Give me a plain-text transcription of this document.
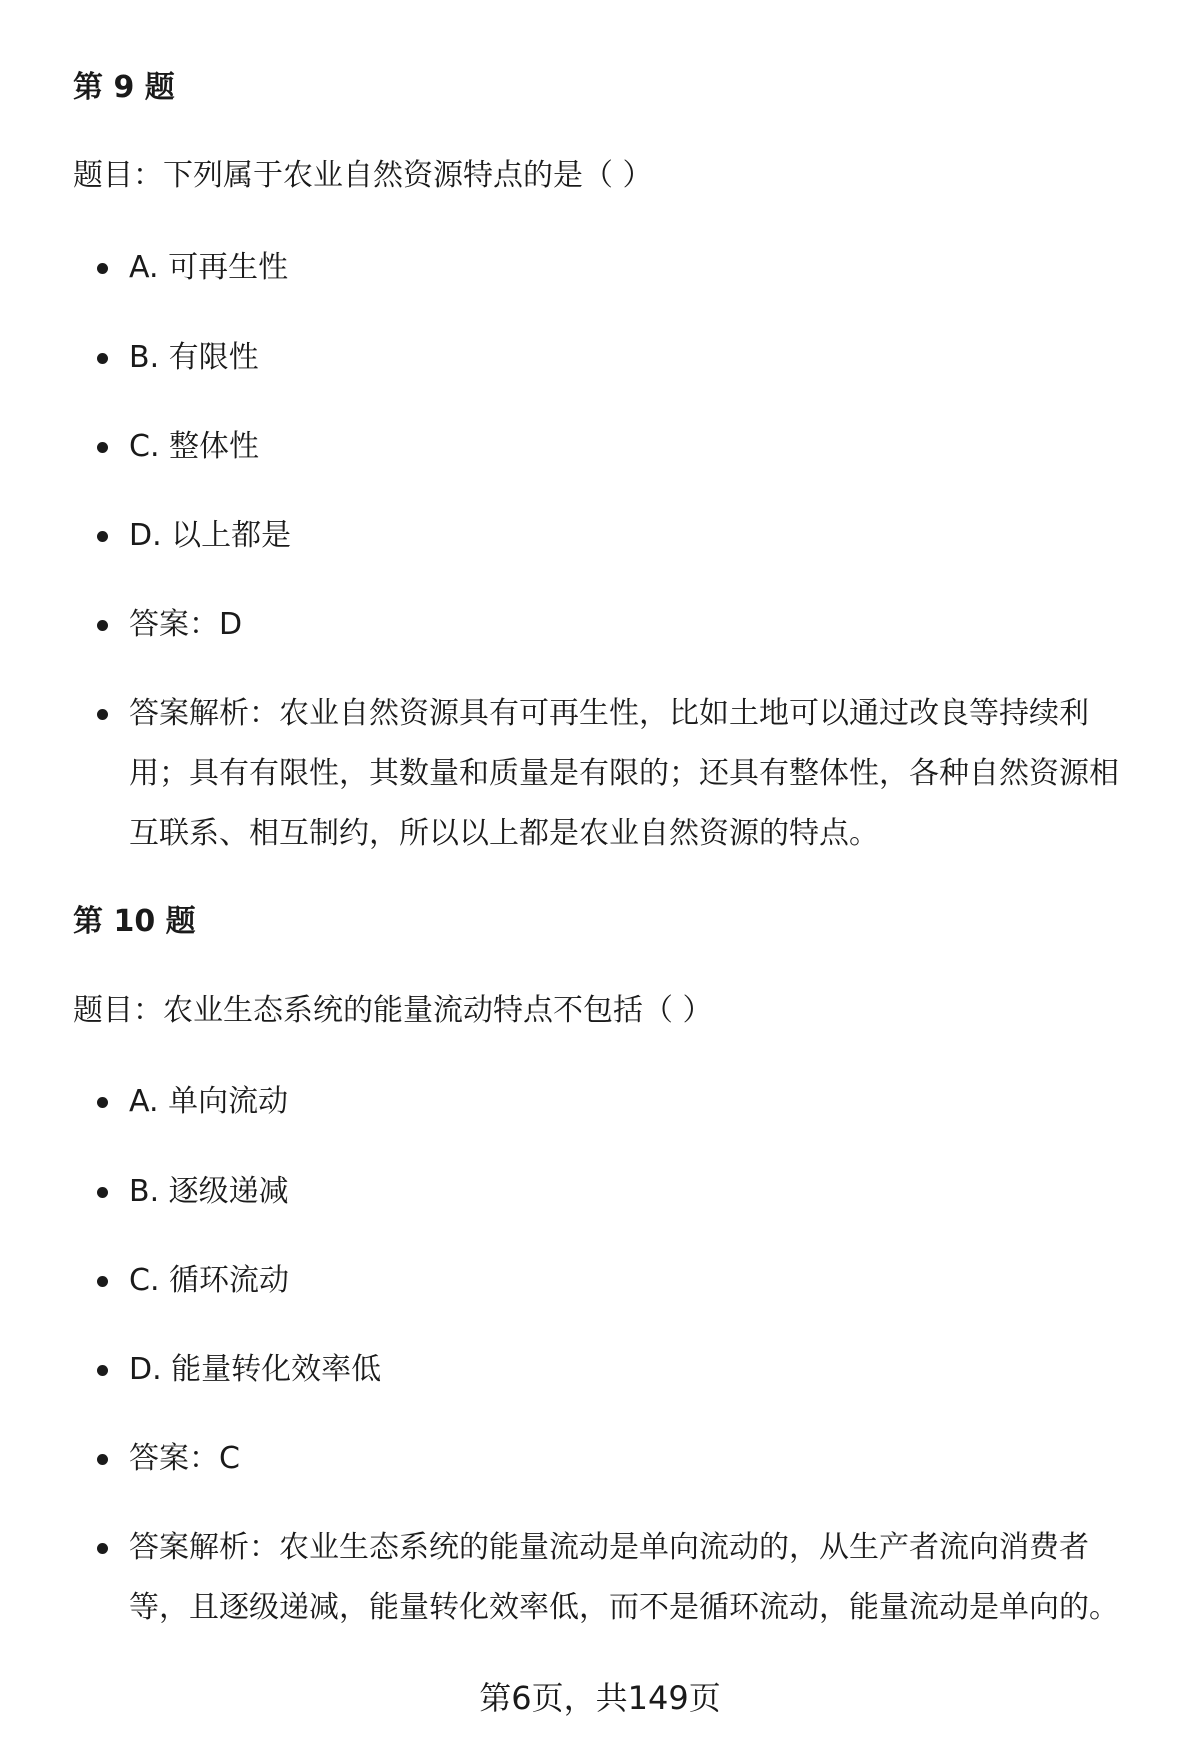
第 9 题

题目：下列属于农业自然资源特点的是（ ）

A. 可再生性
B. 有限性
C. 整体性
D. 以上都是
答案：D
答案解析：农业自然资源具有可再生性，比如土地可以通过改良等持续利用；具有有限性，其数量和质量是有限的；还具有整体性，各种自然资源相互联系、相互制约，所以以上都是农业自然资源的特点。
第 10 题

题目：农业生态系统的能量流动特点不包括（ ）

A. 单向流动
B. 逐级递减
C. 循环流动
D. 能量转化效率低
答案：C
答案解析：农业生态系统的能量流动是单向流动的，从生产者流向消费者等，且逐级递减，能量转化效率低，而不是循环流动，能量流动是单向的。
第6页，共149页
